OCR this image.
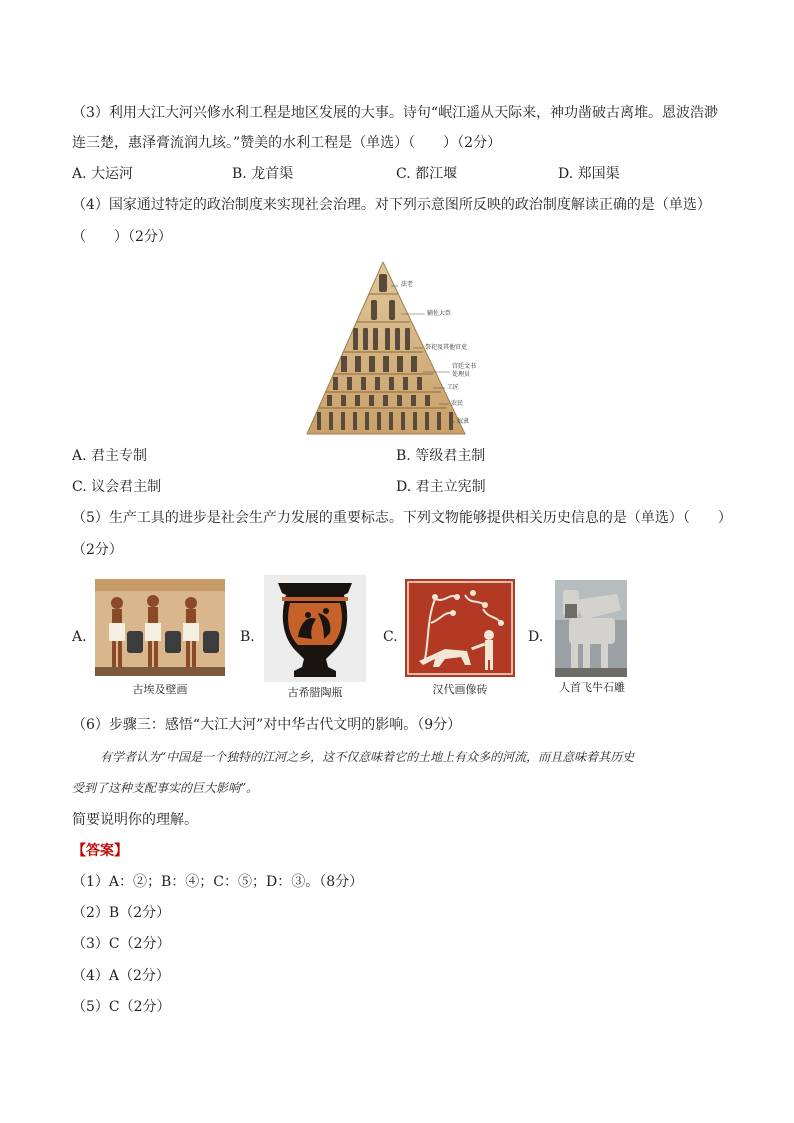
（3）利用大江大河兴修水利工程是地区发展的大事。诗句“岷江遥从天际来，神功凿破古离堆。恩波浩渺
连三楚，惠泽膏流润九垓。”赞美的水利工程是（单选）（　　）（2分）
A. 大运河	B. 龙首渠	C. 都江堰	D. 郑国渠
（4）国家通过特定的政治制度来实现社会治理。对下列示意图所反映的政治制度解读正确的是（单选）
（　　）（2分）
法老
辅佐大臣
祭祀及其他官吏
宫廷文书处理员
工匠
农民
奴隶
A. 君主专制	B. 等级君主制
C. 议会君主制	D. 君主立宪制
（5）生产工具的进步是社会生产力发展的重要标志。下列文物能够提供相关历史信息的是（单选）（　　）
（2分）
A.
古埃及壁画
B.
古希腊陶瓶
C.
汉代画像砖
D.
人首飞牛石雕
（6）步骤三：感悟“大江大河”对中华古代文明的影响。（9分）
有学者认为“中国是一个独特的江河之乡，这不仅意味着它的土地上有众多的河流，而且意味着其历史
受到了这种支配事实的巨大影响”。
简要说明你的理解。
【答案】
（1）A：②；B：④；C：⑤；D：③。（8分）
（2）B（2分）
（3）C（2分）
（4）A（2分）
（5）C（2分）
